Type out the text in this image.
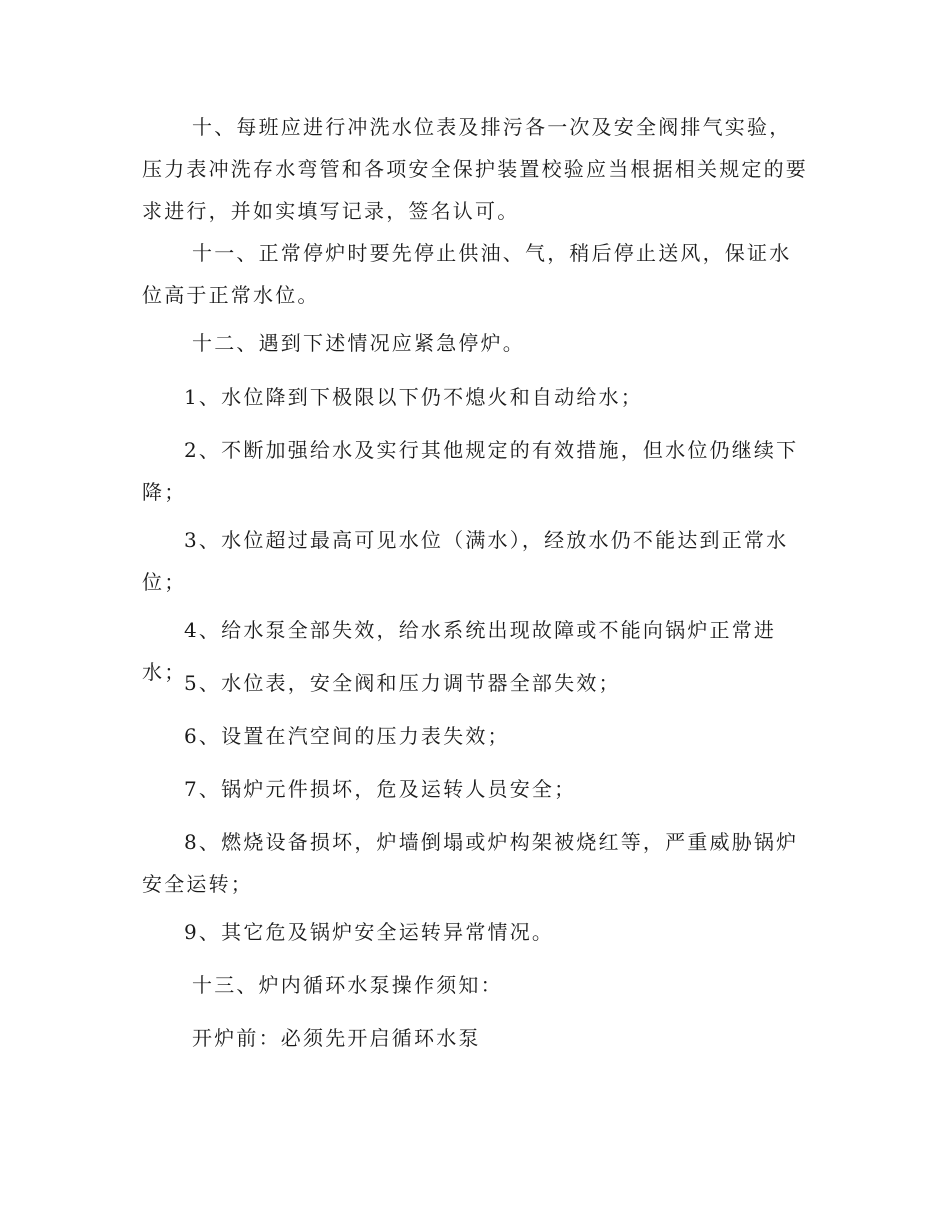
十、每班应进行冲洗水位表及排污各一次及安全阀排气实验，压力表冲洗存水弯管和各项安全保护装置校验应当根据相关规定的要求进行，并如实填写记录，签名认可。

十一、正常停炉时要先停止供油、气，稍后停止送风，保证水位高于正常水位。

十二、遇到下述情况应紧急停炉。

1、水位降到下极限以下仍不熄火和自动给水；

2、不断加强给水及实行其他规定的有效措施，但水位仍继续下降；

3、水位超过最高可见水位（满水），经放水仍不能达到正常水位；

4、给水泵全部失效，给水系统出现故障或不能向锅炉正常进水；

5、水位表，安全阀和压力调节器全部失效；

6、设置在汽空间的压力表失效；

7、锅炉元件损坏，危及运转人员安全；

8、燃烧设备损坏，炉墙倒塌或炉构架被烧红等，严重威胁锅炉安全运转；

9、其它危及锅炉安全运转异常情况。

十三、炉内循环水泵操作须知：

开炉前：必须先开启循环水泵
